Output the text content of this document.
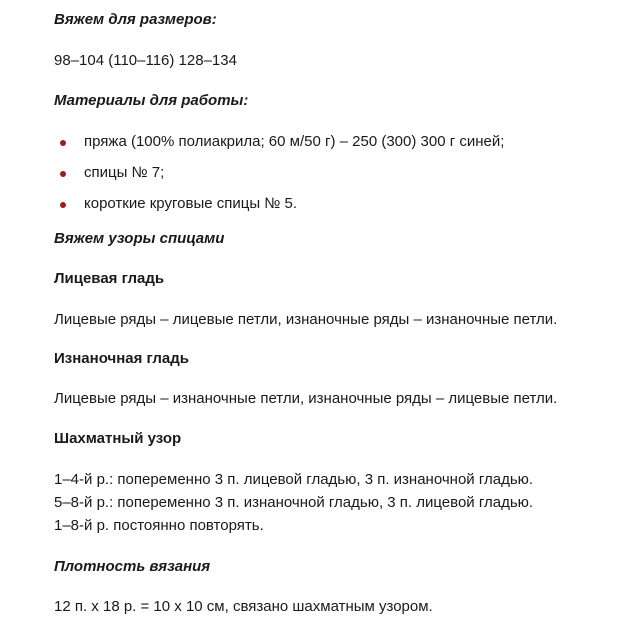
Вяжем для размеров:

98–104 (110–116) 128–134

Материалы для работы:
пряжа (100% полиакрила; 60 м/50 г) – 250 (300) 300 г синей;
спицы № 7;
короткие круговые спицы № 5.
Вяжем узоры спицами
Лицевая гладь

Лицевые ряды – лицевые петли, изнаночные ряды – изнаночные петли.

Изнаночная гладь

Лицевые ряды – изнаночные петли, изнаночные ряды – лицевые петли.

Шахматный узор
1–4-й р.: попеременно 3 п. лицевой гладью, 3 п. изнаночной гладью.
5–8-й р.: попеременно 3 п. изнаночной гладью, 3 п. лицевой гладью.
1–8-й р. постоянно повторять.
Плотность вязания

12 п. х 18 р. = 10 х 10 см, связано шахматным узором.
